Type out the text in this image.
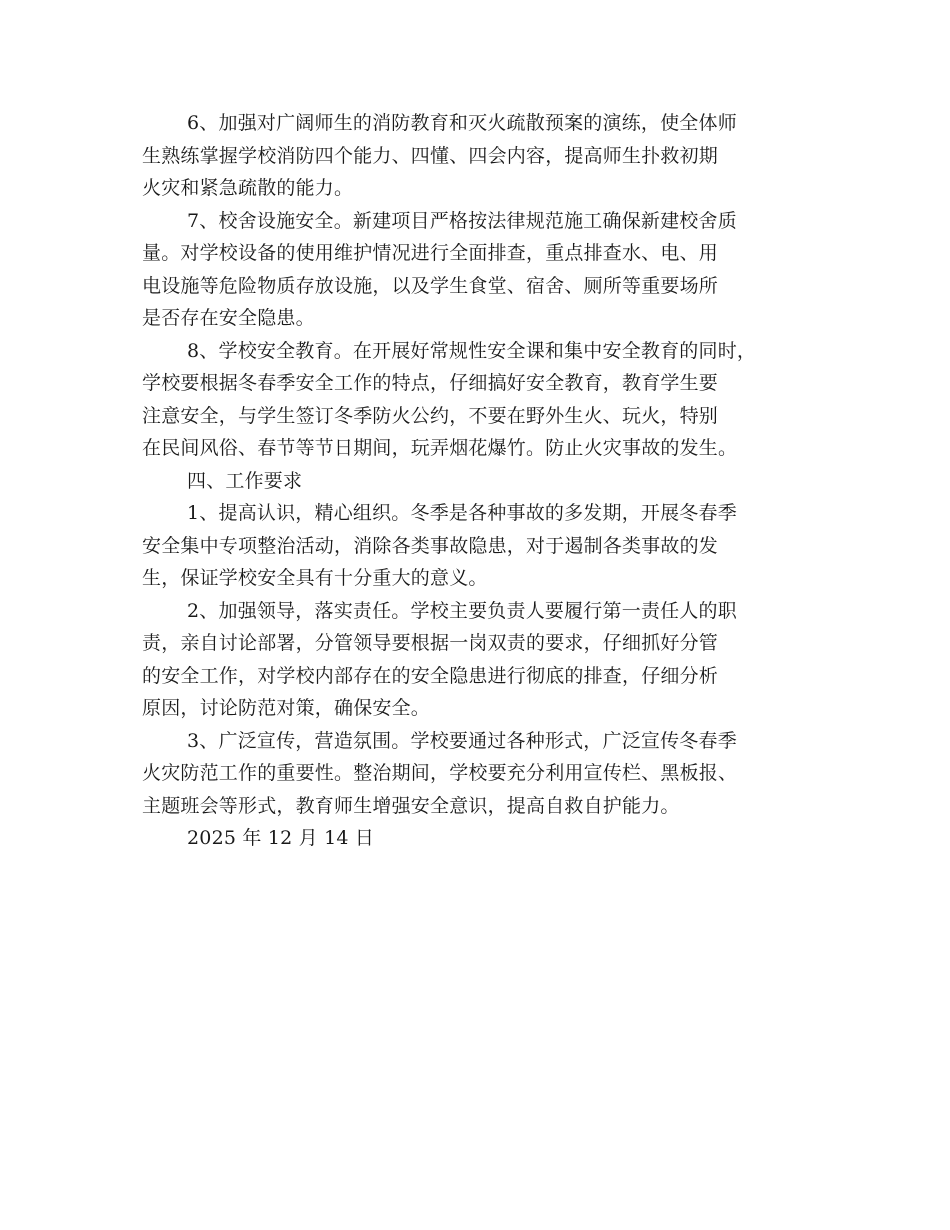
6、加强对广阔师生的消防教育和灭火疏散预案的演练，使全体师
生熟练掌握学校消防四个能力、四懂、四会内容，提高师生扑救初期
火灾和紧急疏散的能力。
7、校舍设施安全。新建项目严格按法律规范施工确保新建校舍质
量。对学校设备的使用维护情况进行全面排查，重点排查水、电、用
电设施等危险物质存放设施，以及学生食堂、宿舍、厕所等重要场所
是否存在安全隐患。
8、学校安全教育。在开展好常规性安全课和集中安全教育的同时，
学校要根据冬春季安全工作的特点，仔细搞好安全教育，教育学生要
注意安全，与学生签订冬季防火公约，不要在野外生火、玩火，特别
在民间风俗、春节等节日期间，玩弄烟花爆竹。防止火灾事故的发生。
四、工作要求
1、提高认识，精心组织。冬季是各种事故的多发期，开展冬春季
安全集中专项整治活动，消除各类事故隐患，对于遏制各类事故的发
生，保证学校安全具有十分重大的意义。
2、加强领导，落实责任。学校主要负责人要履行第一责任人的职
责，亲自讨论部署，分管领导要根据一岗双责的要求，仔细抓好分管
的安全工作，对学校内部存在的安全隐患进行彻底的排查，仔细分析
原因，讨论防范对策，确保安全。
3、广泛宣传，营造氛围。学校要通过各种形式，广泛宣传冬春季
火灾防范工作的重要性。整治期间，学校要充分利用宣传栏、黑板报、
主题班会等形式，教育师生增强安全意识，提高自救自护能力。
2025 年 12 月 14 日
